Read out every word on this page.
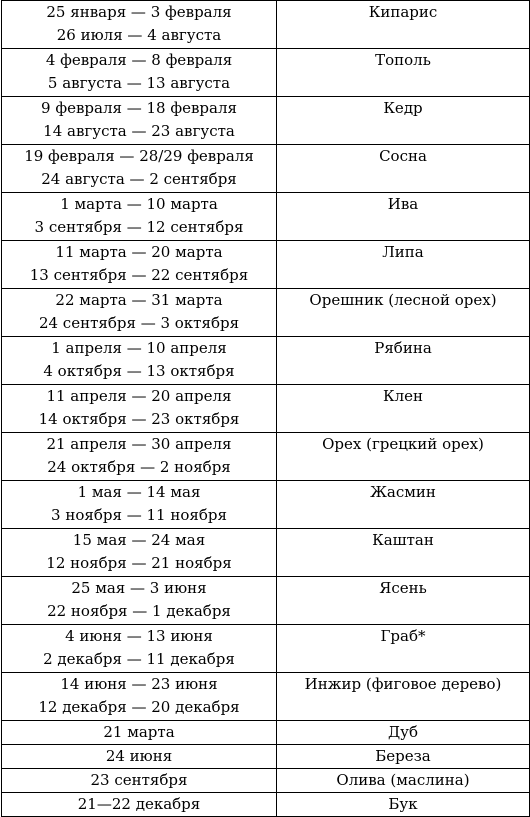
25 января — 3 февраля
26 июля — 4 августа	Кипарис

4 февраля — 8 февраля
5 августа — 13 августа	Тополь

9 февраля — 18 февраля
14 августа — 23 августа	Кедр

19 февраля — 28/29 февраля
24 августа — 2 сентября	Сосна

1 марта — 10 марта
3 сентября — 12 сентября	Ива

11 марта — 20 марта
13 сентября — 22 сентября	Липа

22 марта — 31 марта
24 сентября — 3 октября	Орешник (лесной орех)

1 апреля — 10 апреля
4 октября — 13 октября	Рябина

11 апреля — 20 апреля
14 октября — 23 октября	Клен

21 апреля — 30 апреля
24 октября — 2 ноября	Орех (грецкий орех)

1 мая — 14 мая
3 ноября — 11 ноября	Жасмин

15 мая — 24 мая
12 ноября — 21 ноября	Каштан

25 мая — 3 июня
22 ноября — 1 декабря	Ясень

4 июня — 13 июня
2 декабря — 11 декабря	Граб*

14 июня — 23 июня
12 декабря — 20 декабря	Инжир (фиговое дерево)

21 марта	Дуб

24 июня	Береза

23 сентября	Олива (маслина)

21—22 декабря	Бук
